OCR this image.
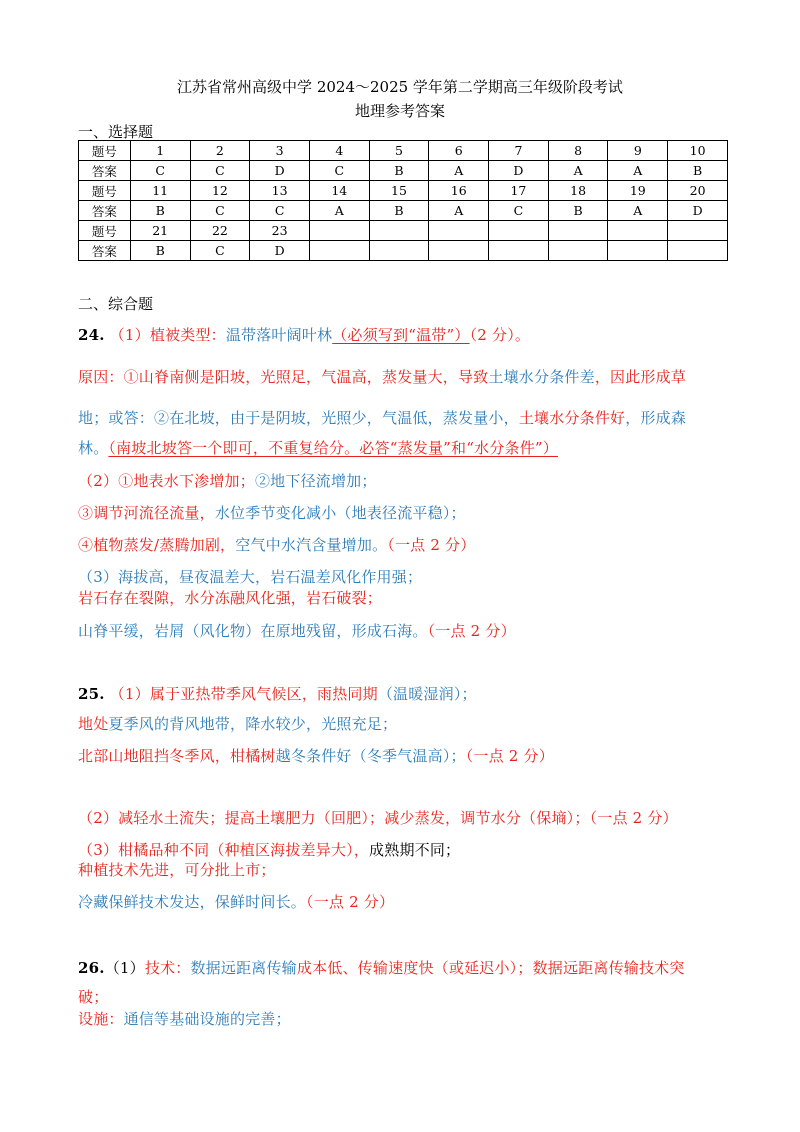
江苏省常州高级中学 2024～2025 学年第二学期高三年级阶段考试
地理参考答案
一、选择题
题号	1	2	3	4	5	6	7	8	9	10
答案	C	C	D	C	B	A	D	A	A	B
题号	11	12	13	14	15	16	17	18	19	20
答案	B	C	C	A	B	A	C	B	A	D
题号	21	22	23							
答案	B	C	D							
二、综合题
24. （1）植被类型：温带落叶阔叶林（必须写到“温带”）（2 分）。
原因：①山脊南侧是阳坡，光照足，气温高，蒸发量大，导致土壤水分条件差，因此形成草
地；或答：②在北坡，由于是阴坡，光照少，气温低，蒸发量小，土壤水分条件好，形成森
林。（南坡北坡答一个即可，不重复给分。必答“蒸发量”和“水分条件”）
（2）①地表水下渗增加；②地下径流增加；
③调节河流径流量，水位季节变化减小（地表径流平稳）；
④植物蒸发/蒸腾加剧，空气中水汽含量增加。（一点 2 分）
（3）海拔高，昼夜温差大，岩石温差风化作用强；
岩石存在裂隙，水分冻融风化强，岩石破裂；
山脊平缓，岩屑（风化物）在原地残留，形成石海。（一点 2 分）
25. （1）属于亚热带季风气候区，雨热同期（温暖湿润）；
地处夏季风的背风地带，降水较少，光照充足；
北部山地阻挡冬季风，柑橘树越冬条件好（冬季气温高）；（一点 2 分）
（2）减轻水土流失；提高土壤肥力（回肥）；减少蒸发，调节水分（保墒）；（一点 2 分）
（3）柑橘品种不同（种植区海拔差异大），成熟期不同；
种植技术先进，可分批上市；
冷藏保鲜技术发达，保鲜时间长。（一点 2 分）
26.（1）技术：数据远距离传输成本低、传输速度快（或延迟小）；数据远距离传输技术突
破；
设施：通信等基础设施的完善；
